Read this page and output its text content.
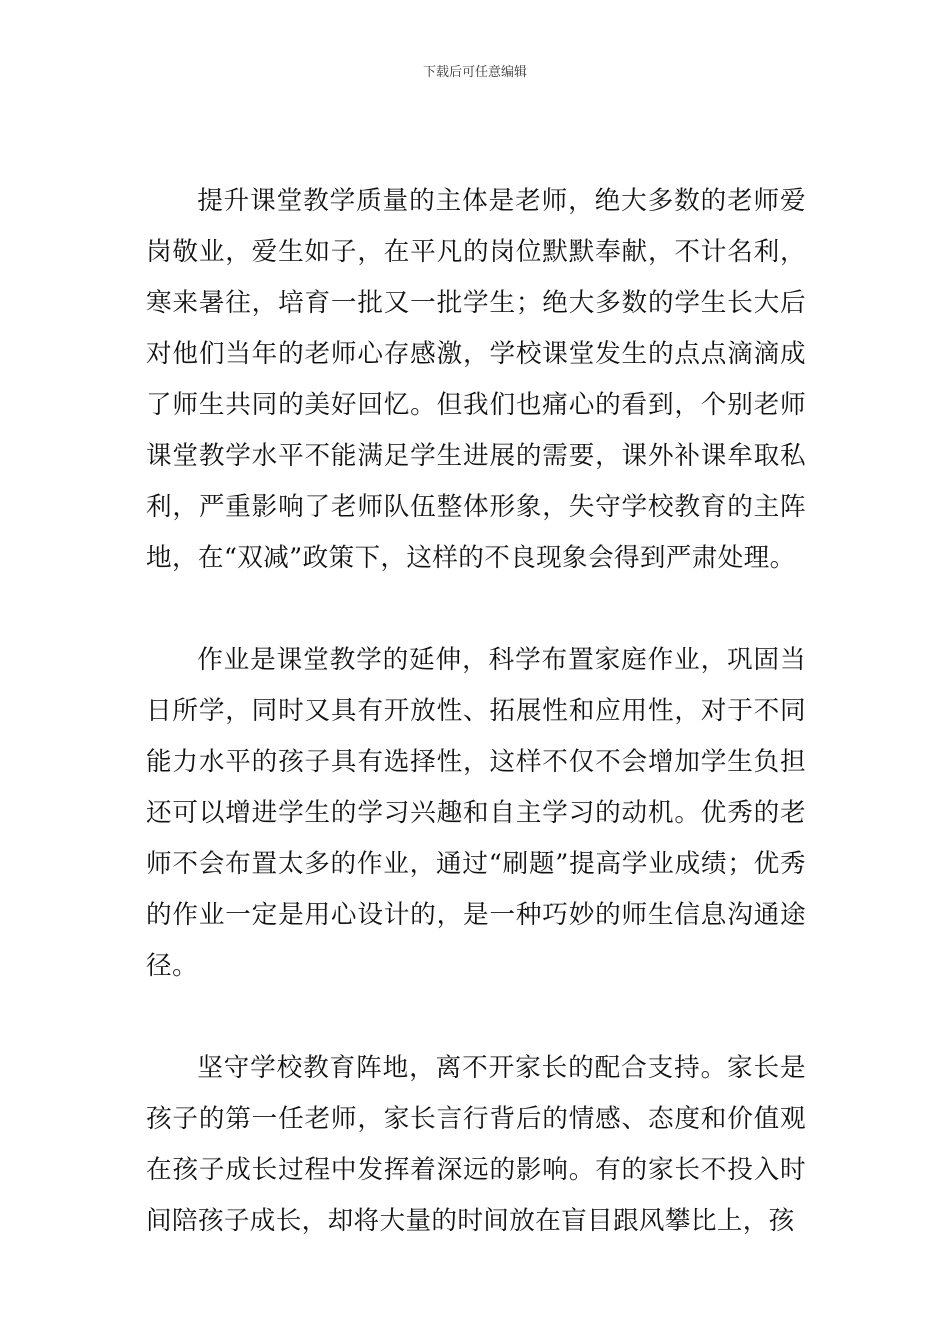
下载后可任意编辑

提升课堂教学质量的主体是老师，绝大多数的老师爱岗敬业，爱生如子，在平凡的岗位默默奉献，不计名利，寒来暑往，培育一批又一批学生；绝大多数的学生长大后对他们当年的老师心存感激，学校课堂发生的点点滴滴成了师生共同的美好回忆。但我们也痛心的看到，个别老师课堂教学水平不能满足学生进展的需要，课外补课牟取私利，严重影响了老师队伍整体形象，失守学校教育的主阵地，在“双减”政策下，这样的不良现象会得到严肃处理。

作业是课堂教学的延伸，科学布置家庭作业，巩固当日所学，同时又具有开放性、拓展性和应用性，对于不同能力水平的孩子具有选择性，这样不仅不会增加学生负担还可以增进学生的学习兴趣和自主学习的动机。优秀的老师不会布置太多的作业，通过“刷题”提高学业成绩；优秀的作业一定是用心设计的，是一种巧妙的师生信息沟通途径。

坚守学校教育阵地，离不开家长的配合支持。家长是孩子的第一任老师，家长言行背后的情感、态度和价值观在孩子成长过程中发挥着深远的影响。有的家长不投入时间陪孩子成长，却将大量的时间放在盲目跟风攀比上，孩
